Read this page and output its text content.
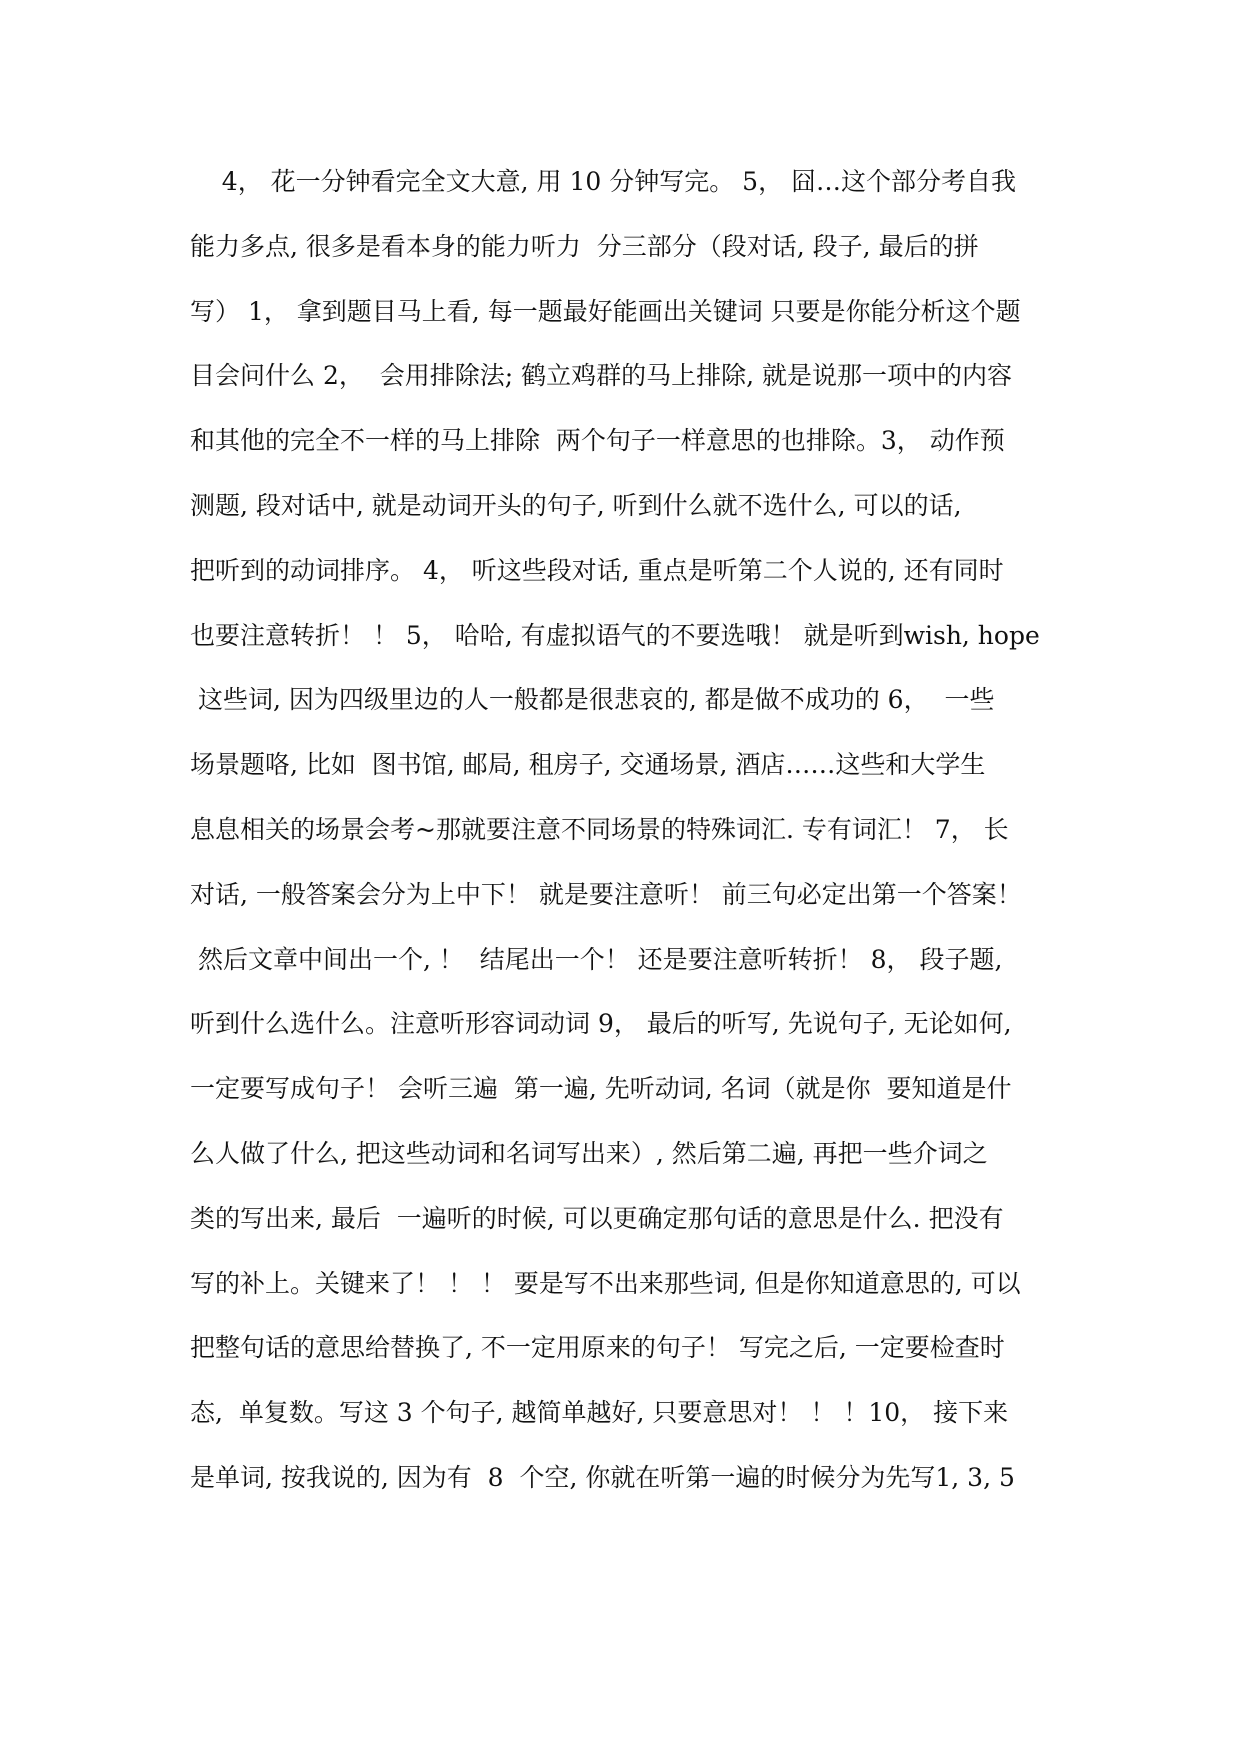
4， 花一分钟看完全文大意, 用 10 分钟写完。 5， 囧…这个部分考自我
能力多点, 很多是看本身的能力听力  分三部分（段对话, 段子, 最后的拼
写） 1， 拿到题目马上看, 每一题最好能画出关键词 只要是你能分析这个题
目会问什么 2，  会用排除法; 鹤立鸡群的马上排除, 就是说那一项中的内容
和其他的完全不一样的马上排除  两个句子一样意思的也排除。3， 动作预
测题, 段对话中, 就是动词开头的句子, 听到什么就不选什么, 可以的话,
把听到的动词排序。 4， 听这些段对话, 重点是听第二个人说的, 还有同时
也要注意转折！ ！ 5， 哈哈, 有虚拟语气的不要选哦！ 就是听到wish, hope
这些词, 因为四级里边的人一般都是很悲哀的, 都是做不成功的 6，  一些
场景题咯, 比如  图书馆, 邮局, 租房子, 交通场景, 酒店……这些和大学生
息息相关的场景会考~那就要注意不同场景的特殊词汇. 专有词汇！ 7， 长
对话, 一般答案会分为上中下！ 就是要注意听！ 前三句必定出第一个答案！
然后文章中间出一个, ！  结尾出一个！ 还是要注意听转折！ 8， 段子题,
听到什么选什么。注意听形容词动词 9， 最后的听写, 先说句子, 无论如何,
一定要写成句子！ 会听三遍  第一遍, 先听动词, 名词（就是你  要知道是什
么人做了什么, 把这些动词和名词写出来）, 然后第二遍, 再把一些介词之
类的写出来, 最后  一遍听的时候, 可以更确定那句话的意思是什么. 把没有
写的补上。关键来了！ ！ ！ 要是写不出来那些词, 但是你知道意思的, 可以
把整句话的意思给替换了, 不一定用原来的句子！ 写完之后, 一定要检查时
态,  单复数。写这 3 个句子, 越简单越好, 只要意思对！ ！ ！10， 接下来
是单词, 按我说的, 因为有  8  个空, 你就在听第一遍的时候分为先写1, 3, 5
